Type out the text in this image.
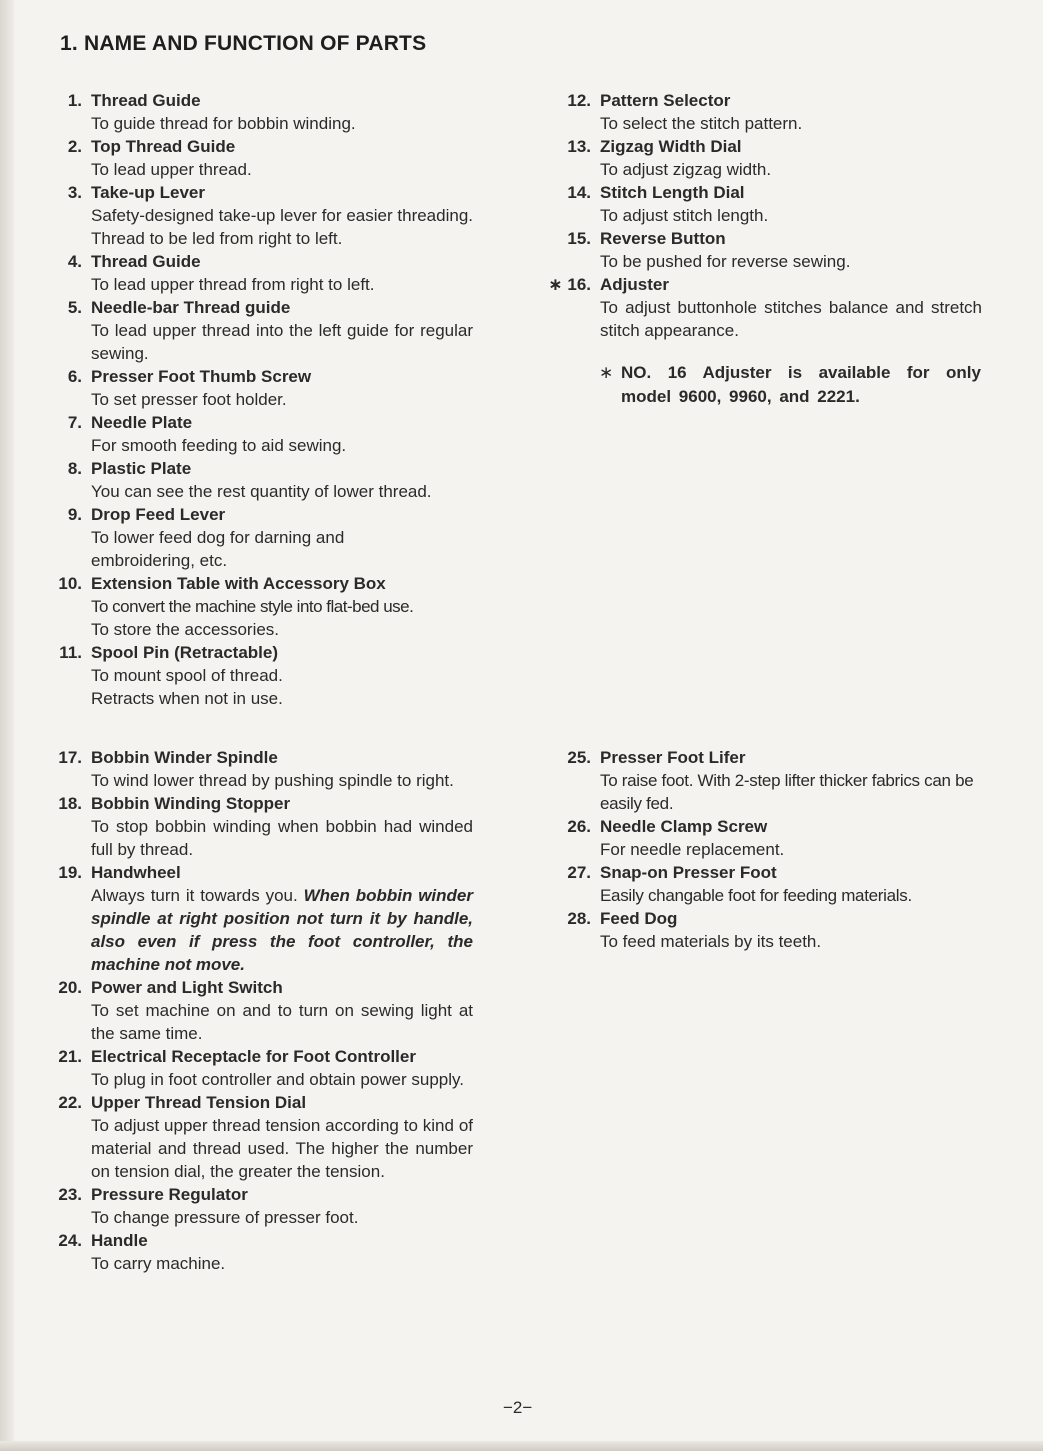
1. NAME AND FUNCTION OF PARTS
1. Thread Guide
To guide thread for bobbin winding.
2. Top Thread Guide
To lead upper thread.
3. Take-up Lever
Safety-designed take-up lever for easier threading. Thread to be led from right to left.
4. Thread Guide
To lead upper thread from right to left.
5. Needle-bar Thread guide
To lead upper thread into the left guide for regular sewing.
6. Presser Foot Thumb Screw
To set presser foot holder.
7. Needle Plate
For smooth feeding to aid sewing.
8. Plastic Plate
You can see the rest quantity of lower thread.
9. Drop Feed Lever
To lower feed dog for darning and embroidering, etc.
10. Extension Table with Accessory Box
To convert the machine style into flat-bed use.
To store the accessories.
11. Spool Pin (Retractable)
To mount spool of thread.
Retracts when not in use.
12. Pattern Selector
To select the stitch pattern.
13. Zigzag Width Dial
To adjust zigzag width.
14. Stitch Length Dial
To adjust stitch length.
15. Reverse Button
To be pushed for reverse sewing.
∗ 16. Adjuster
To adjust buttonhole stitches balance and stretch stitch appearance.
∗ NO. 16 Adjuster is available for only model 9600, 9960, and 2221.
17. Bobbin Winder Spindle
To wind lower thread by pushing spindle to right.
18. Bobbin Winding Stopper
To stop bobbin winding when bobbin had winded full by thread.
19. Handwheel
Always turn it towards you. When bobbin winder spindle at right position not turn it by handle, also even if press the foot controller, the machine not move.
20. Power and Light Switch
To set machine on and to turn on sewing light at the same time.
21. Electrical Receptacle for Foot Controller
To plug in foot controller and obtain power supply.
22. Upper Thread Tension Dial
To adjust upper thread tension according to kind of material and thread used. The higher the number on tension dial, the greater the tension.
23. Pressure Regulator
To change pressure of presser foot.
24. Handle
To carry machine.
25. Presser Foot Lifer
To raise foot. With 2-step lifter thicker fabrics can be easily fed.
26. Needle Clamp Screw
For needle replacement.
27. Snap-on Presser Foot
Easily changable foot for feeding materials.
28. Feed Dog
To feed materials by its teeth.
−2−
